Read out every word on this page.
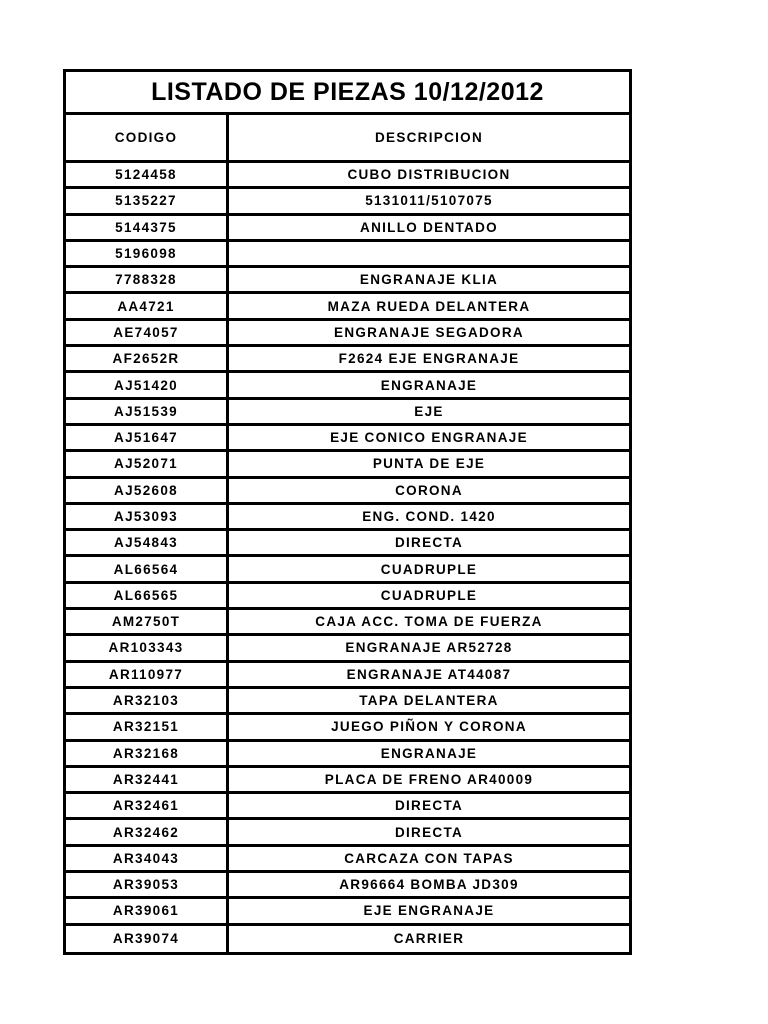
LISTADO DE PIEZAS 10/12/2012
CODIGO	DESCRIPCION
5124458	CUBO DISTRIBUCION
5135227	5131011/5107075
5144375	ANILLO DENTADO
5196098
7788328	ENGRANAJE KLIA
AA4721	MAZA RUEDA DELANTERA
AE74057	ENGRANAJE SEGADORA
AF2652R	F2624 EJE ENGRANAJE
AJ51420	ENGRANAJE
AJ51539	EJE
AJ51647	EJE CONICO ENGRANAJE
AJ52071	PUNTA DE EJE
AJ52608	CORONA
AJ53093	ENG. COND. 1420
AJ54843	DIRECTA
AL66564	CUADRUPLE
AL66565	CUADRUPLE
AM2750T	CAJA ACC. TOMA DE FUERZA
AR103343	ENGRANAJE AR52728
AR110977	ENGRANAJE AT44087
AR32103	TAPA DELANTERA
AR32151	JUEGO PIÑON Y CORONA
AR32168	ENGRANAJE
AR32441	PLACA DE FRENO AR40009
AR32461	DIRECTA
AR32462	DIRECTA
AR34043	CARCAZA CON TAPAS
AR39053	AR96664 BOMBA JD309
AR39061	EJE ENGRANAJE
AR39074	CARRIER
